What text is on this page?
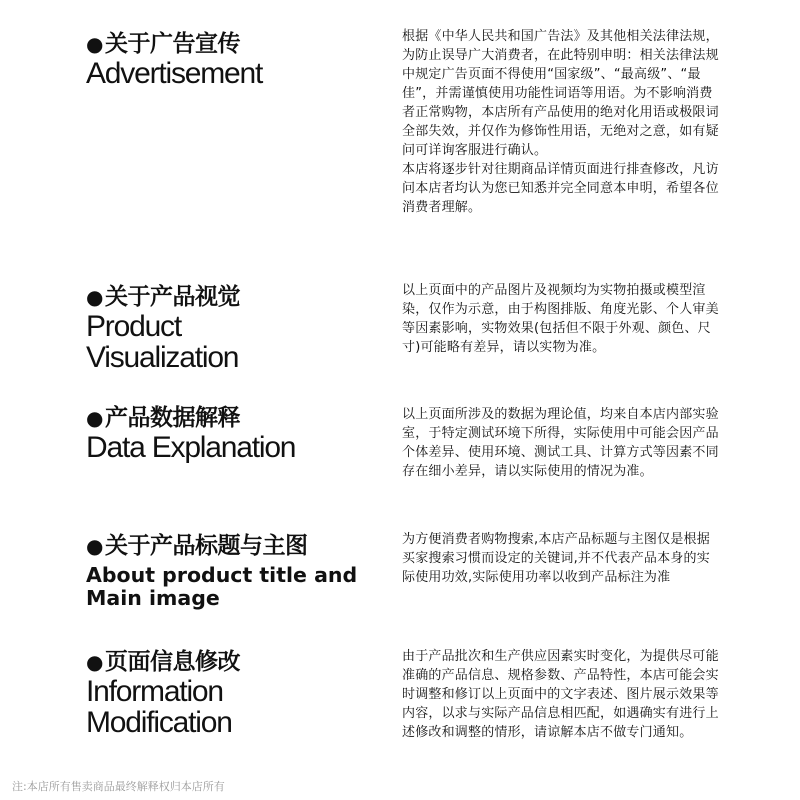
●关于广告宣传
Advertisement

根据《中华人民共和国广告法》及其他相关法律法规，为防止误导广大消费者，在此特别申明：相关法律法规中规定广告页面不得使用“国家级”、“最高级”、“最佳”，并需谨慎使用功能性词语等用语。为不影响消费者正常购物，本店所有产品使用的绝对化用语或极限词全部失效，并仅作为修饰性用语，无绝对之意，如有疑问可详询客服进行确认。

本店将逐步针对往期商品详情页面进行排查修改，凡访问本店者均认为您已知悉并完全同意本申明，希望各位消费者理解。

●关于产品视觉
Product Visualization

以上页面中的产品图片及视频均为实物拍摄或模型渲染，仅作为示意，由于构图排版、角度光影、个人审美等因素影响，实物效果(包括但不限于外观、颜色、尺寸)可能略有差异，请以实物为准。

●产品数据解释
Data Explanation

以上页面所涉及的数据为理论值，均来自本店内部实验室，于特定测试环境下所得，实际使用中可能会因产品个体差异、使用环境、测试工具、计算方式等因素不同存在细小差异，请以实际使用的情况为准。

●关于产品标题与主图
About product title and Main image

为方便消费者购物搜索,本店产品标题与主图仅是根据买家搜索习惯而设定的关键词,并不代表产品本身的实际使用功效,实际使用功率以收到产品标注为准

●页面信息修改
Information Modification

由于产品批次和生产供应因素实时变化，为提供尽可能准确的产品信息、规格参数、产品特性，本店可能会实时调整和修订以上页面中的文字表述、图片展示效果等内容，以求与实际产品信息相匹配，如遇确实有进行上述修改和调整的情形，请谅解本店不做专门通知。

注:本店所有售卖商品最终解释权归本店所有
